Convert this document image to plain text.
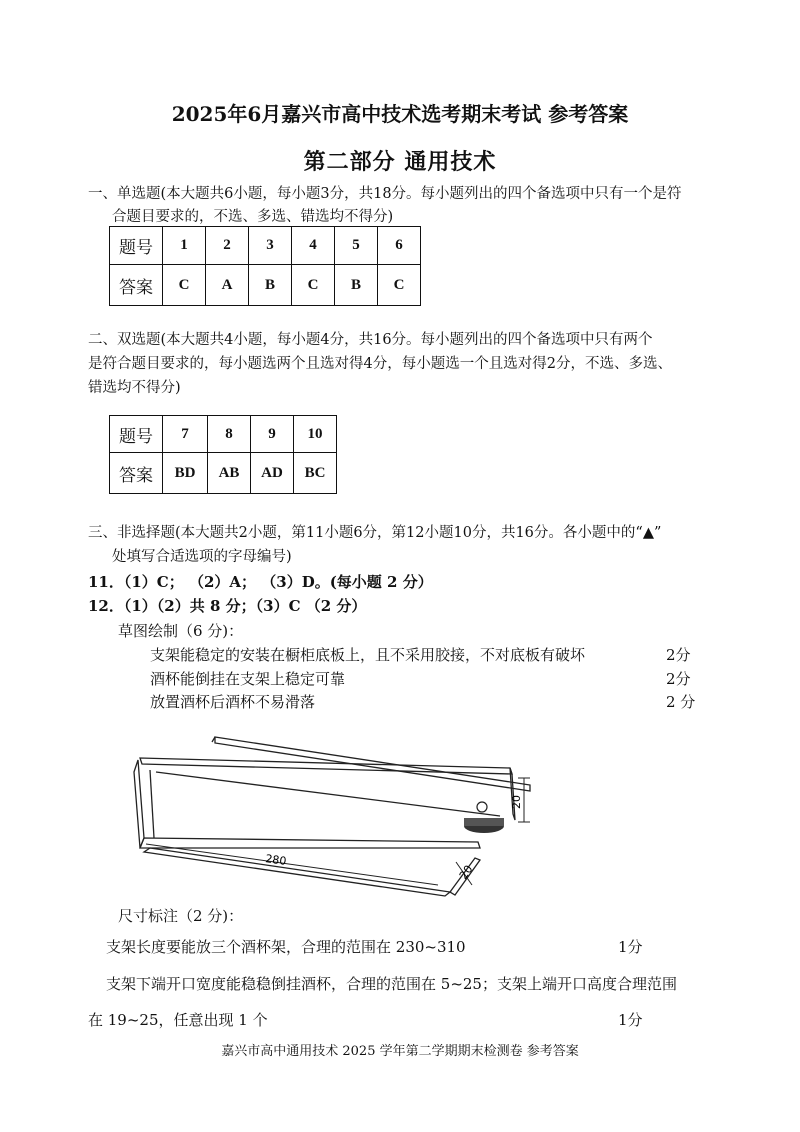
2025年6月嘉兴市高中技术选考期末考试 参考答案
第二部分 通用技术
一、单选题(本大题共6小题，每小题3分，共18分。每小题列出的四个备选项中只有一个是符
合题目要求的，不选、多选、错选均不得分)
题号	1	2	3	4	5	6
答案	C	A	B	C	B	C
二、双选题(本大题共4小题，每小题4分，共16分。每小题列出的四个备选项中只有两个
是符合题目要求的，每小题选两个且选对得4分，每小题选一个且选对得2分，不选、多选、
错选均不得分)
题号	7	8	9	10
答案	BD	AB	AD	BC
三、非选择题(本大题共2小题，第11小题6分，第12小题10分，共16分。各小题中的“▲”
处填写合适选项的字母编号)
11．（1）C； （2）A； （3）D。(每小题 2 分）
12．（1）（2）共 8 分；（3）C （2 分）
草图绘制（6 分)：
支架能稳定的安装在橱柜底板上，且不采用胶接，不对底板有破坏	2分
酒杯能倒挂在支架上稳定可靠	2分
放置酒杯后酒杯不易滑落	2 分
20
280
20
尺寸标注（2 分)：
支架长度要能放三个酒杯架，合理的范围在 230~310	1分
支架下端开口宽度能稳稳倒挂酒杯，合理的范围在 5~25；支架上端开口高度合理范围
在 19~25，任意出现 1 个	1分
嘉兴市高中通用技术 2025 学年第二学期期末检测卷 参考答案
